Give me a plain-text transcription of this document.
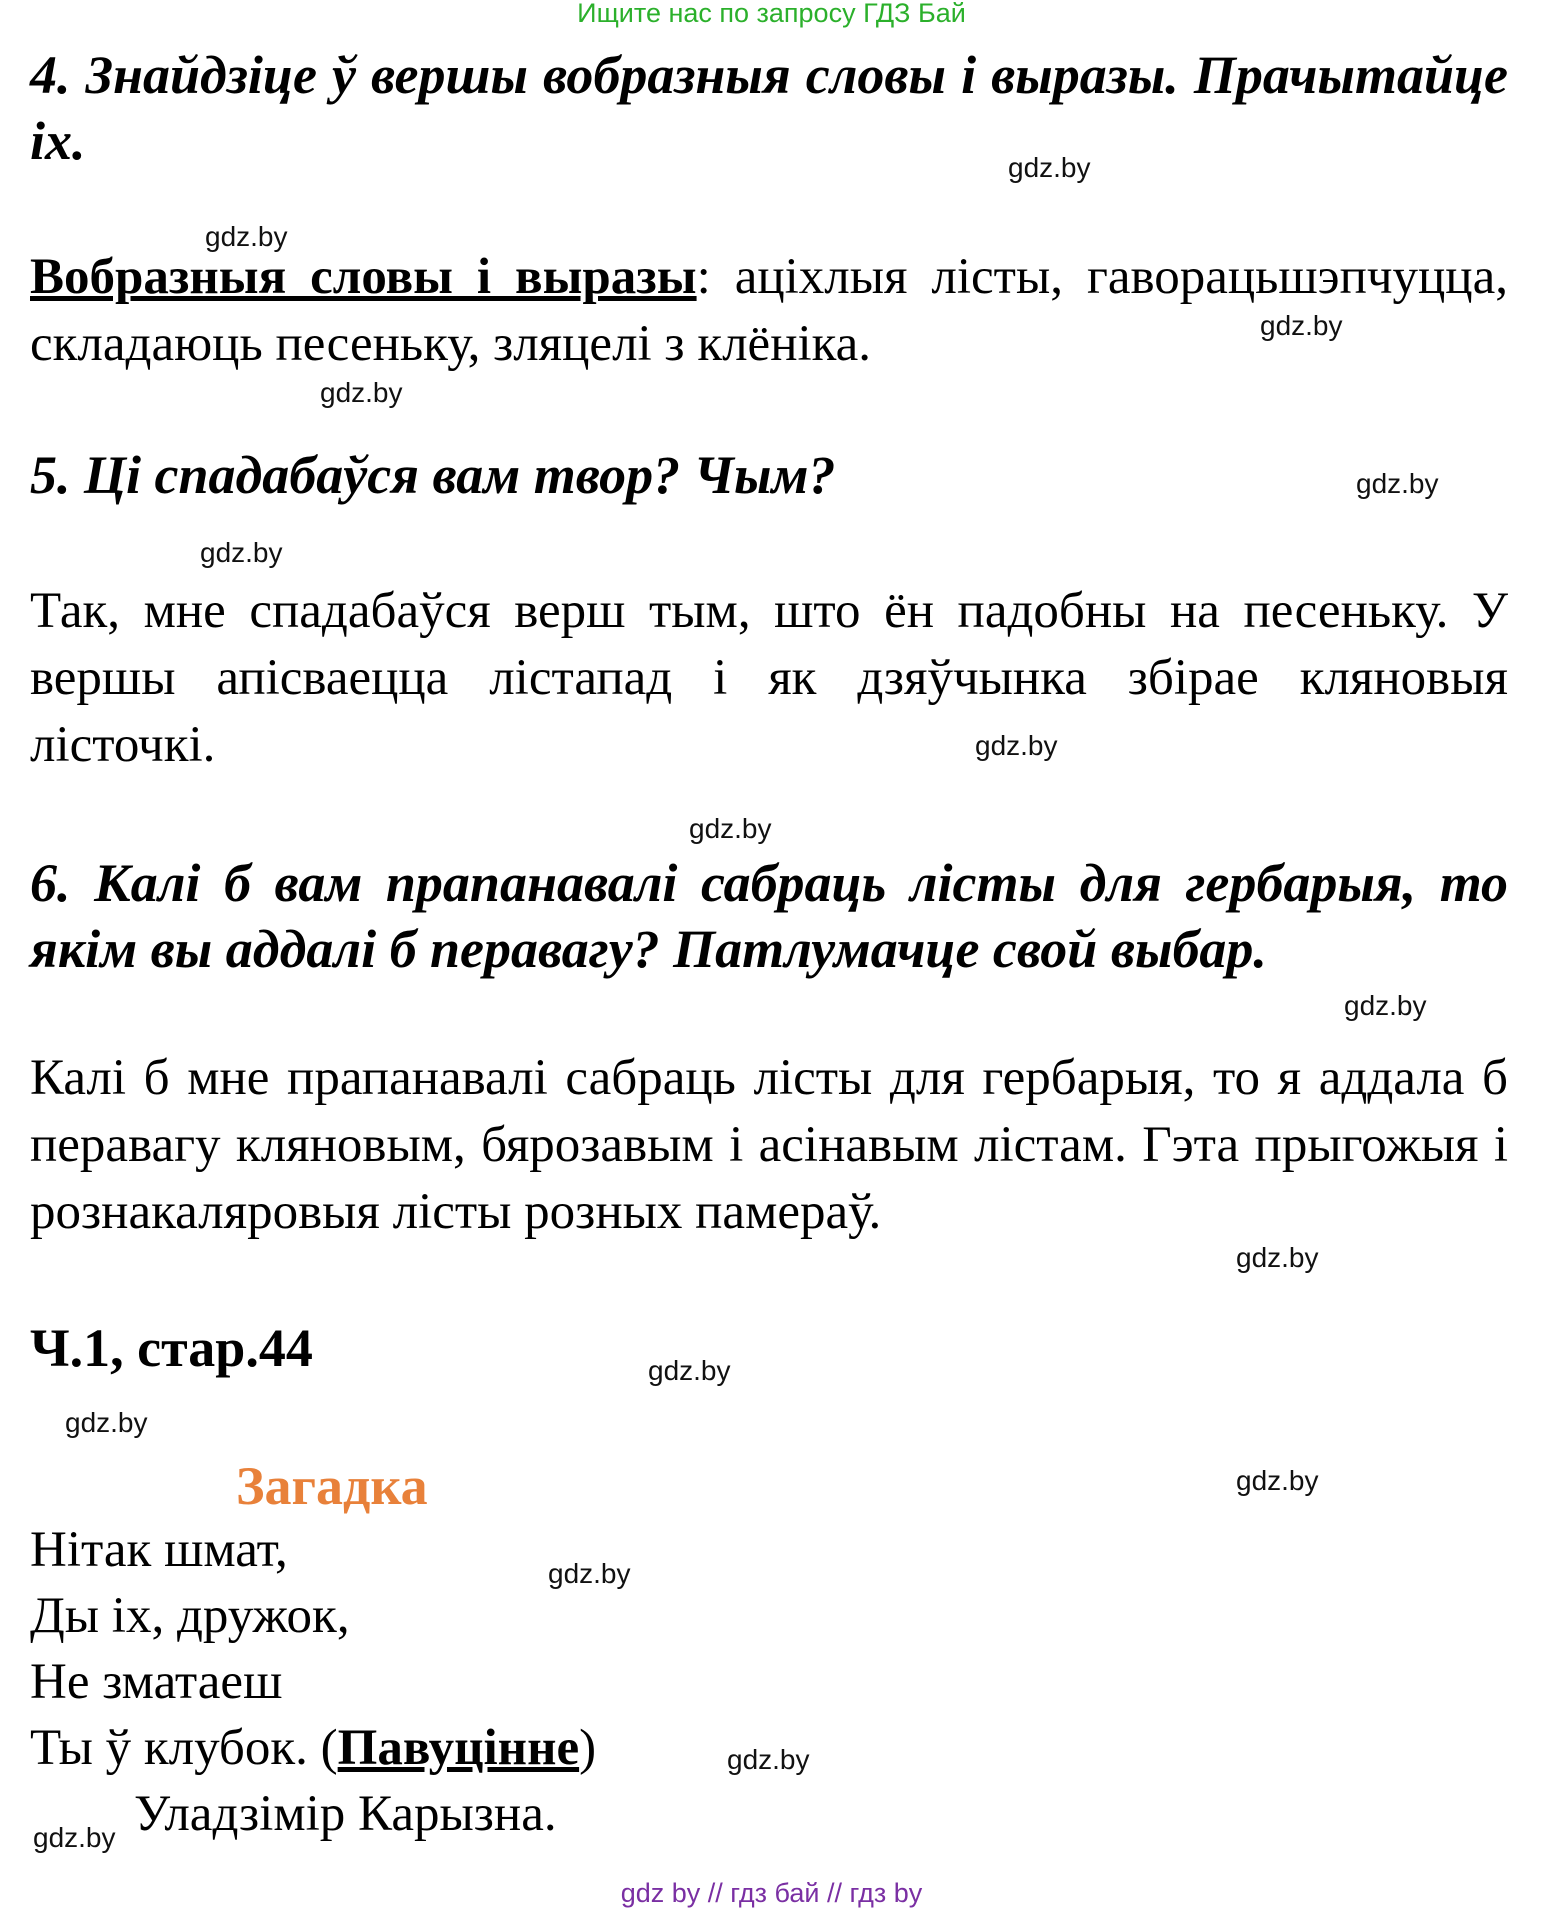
Ищите нас по запросу ГДЗ Бай
4. Знайдзіце ў вершы вобразныя словы і выразы. Прачытайце іх.
Вобразныя словы і выразы: аціхлыя лісты, гаворацьшэпчуцца, складаюць песеньку, зляцелі з клёніка.
5. Ці спадабаўся вам твор? Чым?
Так, мне спадабаўся верш тым, што ён падобны на песеньку. У вершы апісваецца лістапад і як дзяўчынка збірае кляновыя лісточкі.
6. Калі б вам прапанавалі сабраць лісты для гербарыя, то якім вы аддалі б перавагу? Патлумачце свой выбар.
Калі б мне прапанавалі сабраць лісты для гербарыя, то я аддала б перавагу кляновым, бярозавым і асінавым лістам. Гэта прыгожыя і рознакаляровыя лісты розных памераў.
Ч.1, стар.44
Загадка
Нітак шмат,
Ды іх, дружок,
Не зматаеш
Ты ў клубок. (Павуцінне)
Уладзімір Карызна.
gdz.by
gdz.by
gdz.by
gdz.by
gdz.by
gdz.by
gdz.by
gdz.by
gdz.by
gdz.by
gdz.by
gdz.by
gdz.by
gdz.by
gdz.by
gdz.by
gdz by // гдз бай // гдз by
